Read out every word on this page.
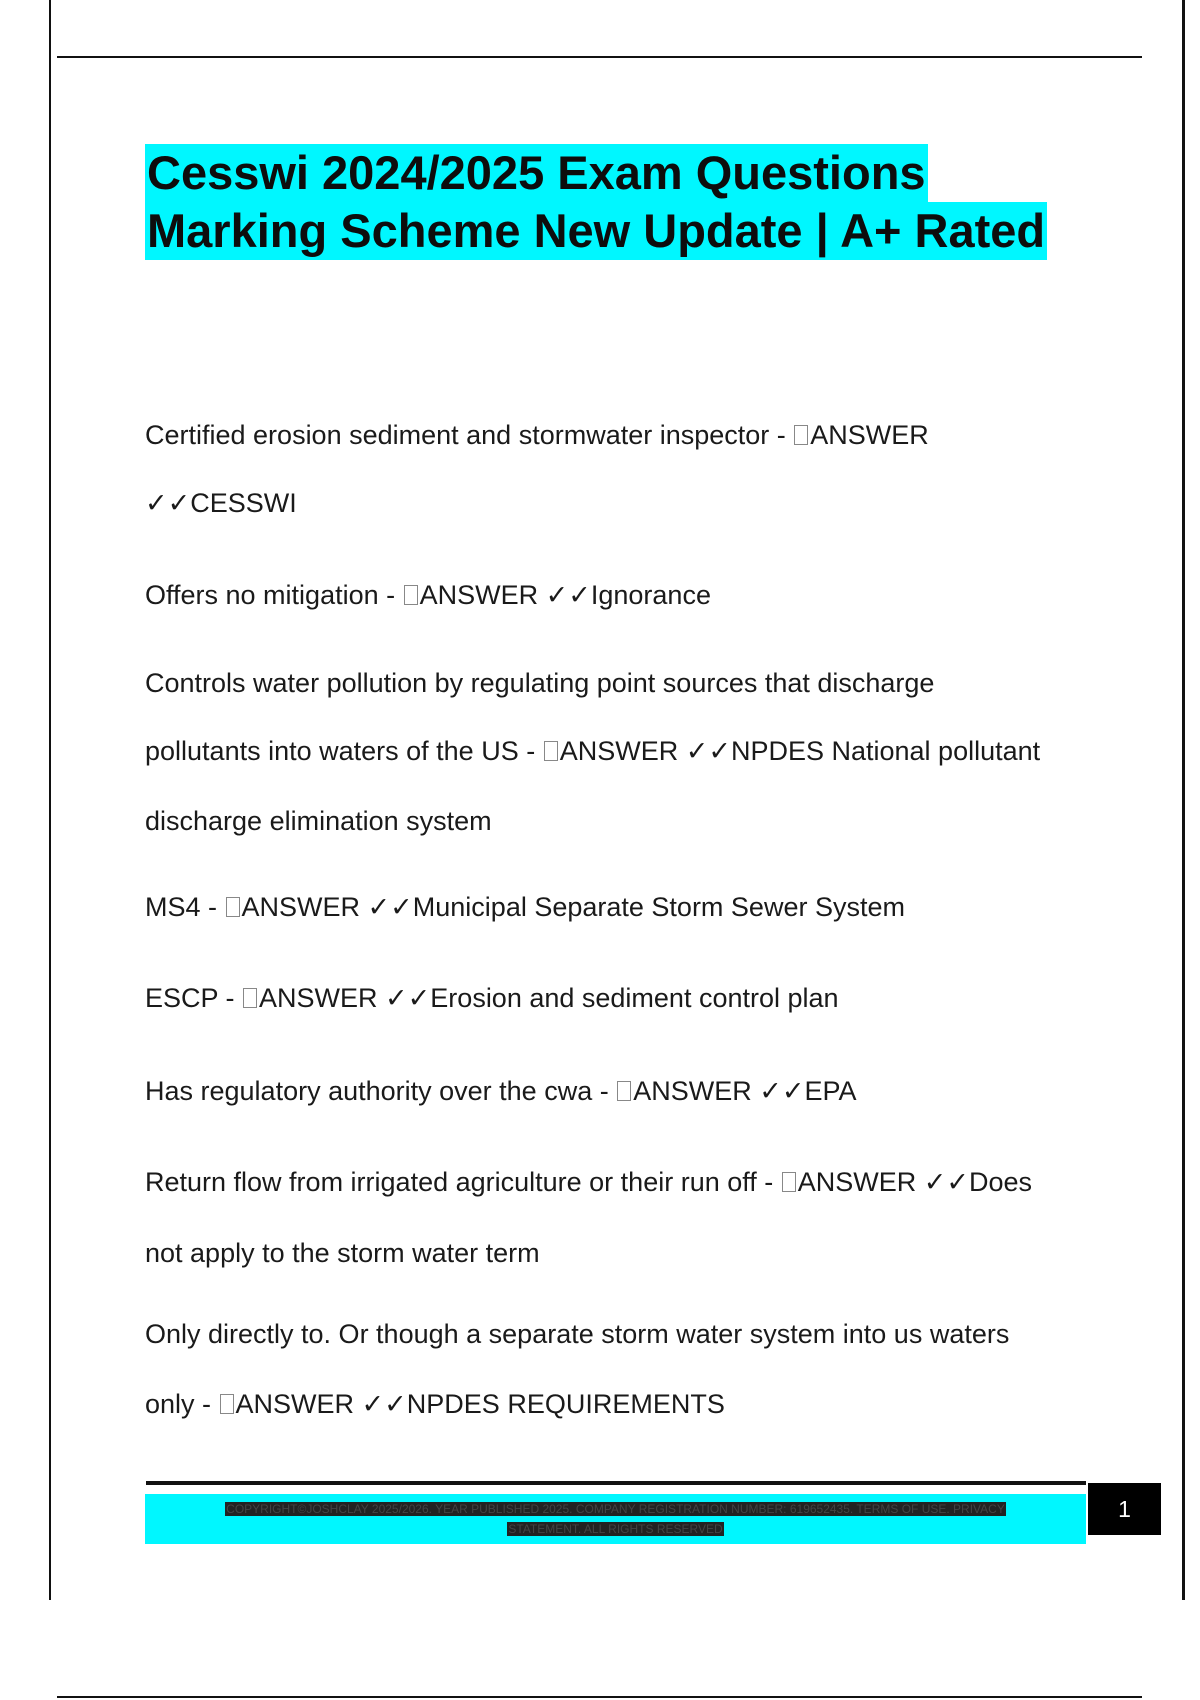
Cesswi 2024/2025 Exam Questions
Marking Scheme New Update | A+ Rated
Certified erosion sediment and stormwater inspector - ANSWER
✓✓CESSWI
Offers no mitigation - ANSWER ✓✓Ignorance
Controls water pollution by regulating point sources that discharge
pollutants into waters of the US - ANSWER ✓✓NPDES National pollutant
discharge elimination system
MS4 - ANSWER ✓✓Municipal Separate Storm Sewer System
ESCP - ANSWER ✓✓Erosion and sediment control plan
Has regulatory authority over the cwa - ANSWER ✓✓EPA
Return flow from irrigated agriculture or their run off - ANSWER ✓✓Does
not apply to the storm water term
Only directly to. Or though a separate storm water system into us waters
only - ANSWER ✓✓NPDES REQUIREMENTS
COPYRIGHT©JOSHCLAY 2025/2026. YEAR PUBLISHED 2025. COMPANY REGISTRATION NUMBER: 619652435. TERMS OF USE. PRIVACY
STATEMENT. ALL RIGHTS RESERVED
1
